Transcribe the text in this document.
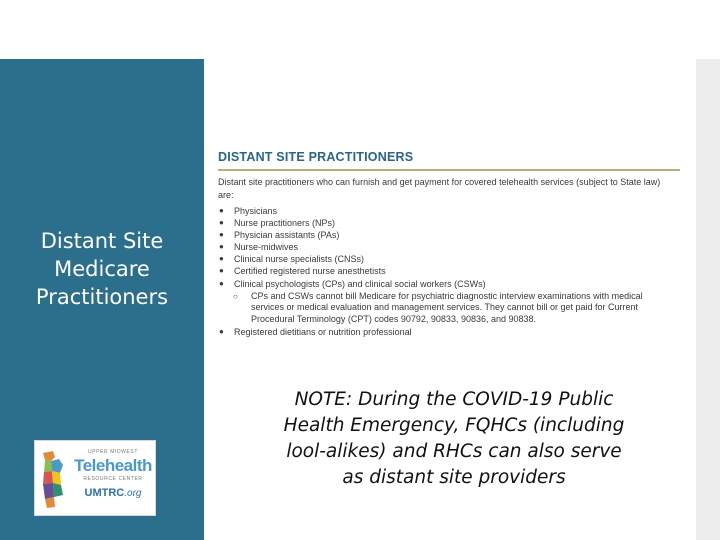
Distant Site
Medicare
Practitioners
UPPER MIDWEST
Telehealth
RESOURCE CENTER
UMTRC.org
DISTANT SITE PRACTITIONERS
Distant site practitioners who can furnish and get payment for covered telehealth services (subject to State law) are:
● Physicians
● Nurse practitioners (NPs)
● Physician assistants (PAs)
● Nurse-midwives
● Clinical nurse specialists (CNSs)
● Certified registered nurse anesthetists
● Clinical psychologists (CPs) and clinical social workers (CSWs)
○ CPs and CSWs cannot bill Medicare for psychiatric diagnostic interview examinations with medical services or medical evaluation and management services. They cannot bill or get paid for Current Procedural Terminology (CPT) codes 90792, 90833, 90836, and 90838.
● Registered dietitians or nutrition professional
NOTE: During the COVID-19 Public
Health Emergency, FQHCs (including
lool-alikes) and RHCs can also serve
as distant site providers
